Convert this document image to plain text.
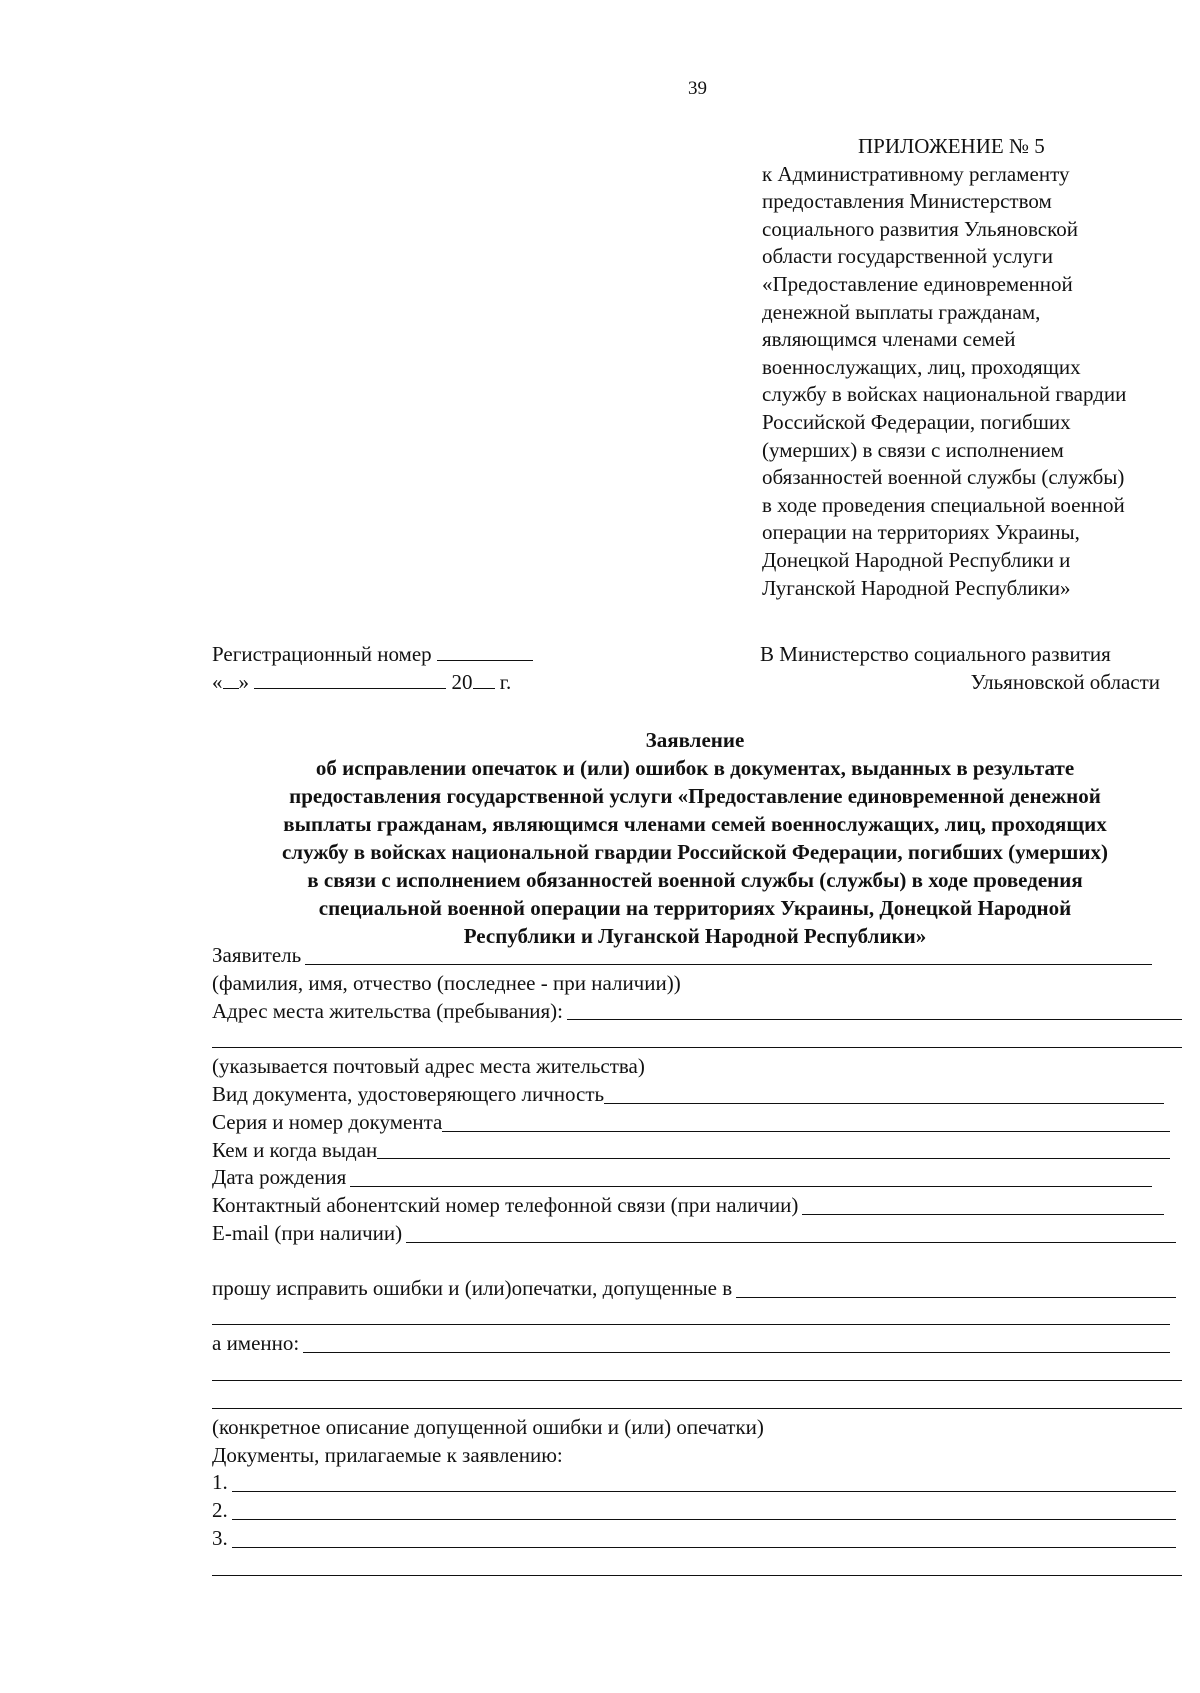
39
ПРИЛОЖЕНИЕ № 5
к Административному регламенту
предоставления Министерством
социального развития Ульяновской
области государственной услуги
«Предоставление единовременной
денежной выплаты гражданам,
являющимся членами семей
военнослужащих, лиц, проходящих
службу в войсках национальной гвардии
Российской Федерации, погибших
(умерших) в связи с исполнением
обязанностей военной службы (службы)
в ходе проведения специальной военной
операции на территориях Украины,
Донецкой Народной Республики и
Луганской Народной Республики»
Регистрационный номер
« »	20 г.
В Министерство социального развития
Ульяновской области
Заявление
об исправлении опечаток и (или) ошибок в документах, выданных в результате
предоставления государственной услуги «Предоставление единовременной денежной
выплаты гражданам, являющимся членами семей военнослужащих, лиц, проходящих
службу в войсках национальной гвардии Российской Федерации, погибших (умерших)
в связи с исполнением обязанностей военной службы (службы) в ходе проведения
специальной военной операции на территориях Украины, Донецкой Народной
Республики и Луганской Народной Республики»
Заявитель
(фамилия, имя, отчество (последнее - при наличии))
Адрес места жительства (пребывания):
(указывается почтовый адрес места жительства)
Вид документа, удостоверяющего личность
Серия и номер документа
Кем и когда выдан
Дата рождения
Контактный абонентский номер телефонной связи (при наличии)
E-mail (при наличии)
прошу исправить ошибки и (или)опечатки, допущенные в
а именно:
(конкретное описание допущенной ошибки и (или) опечатки)
Документы, прилагаемые к заявлению:
1.
2.
3.
